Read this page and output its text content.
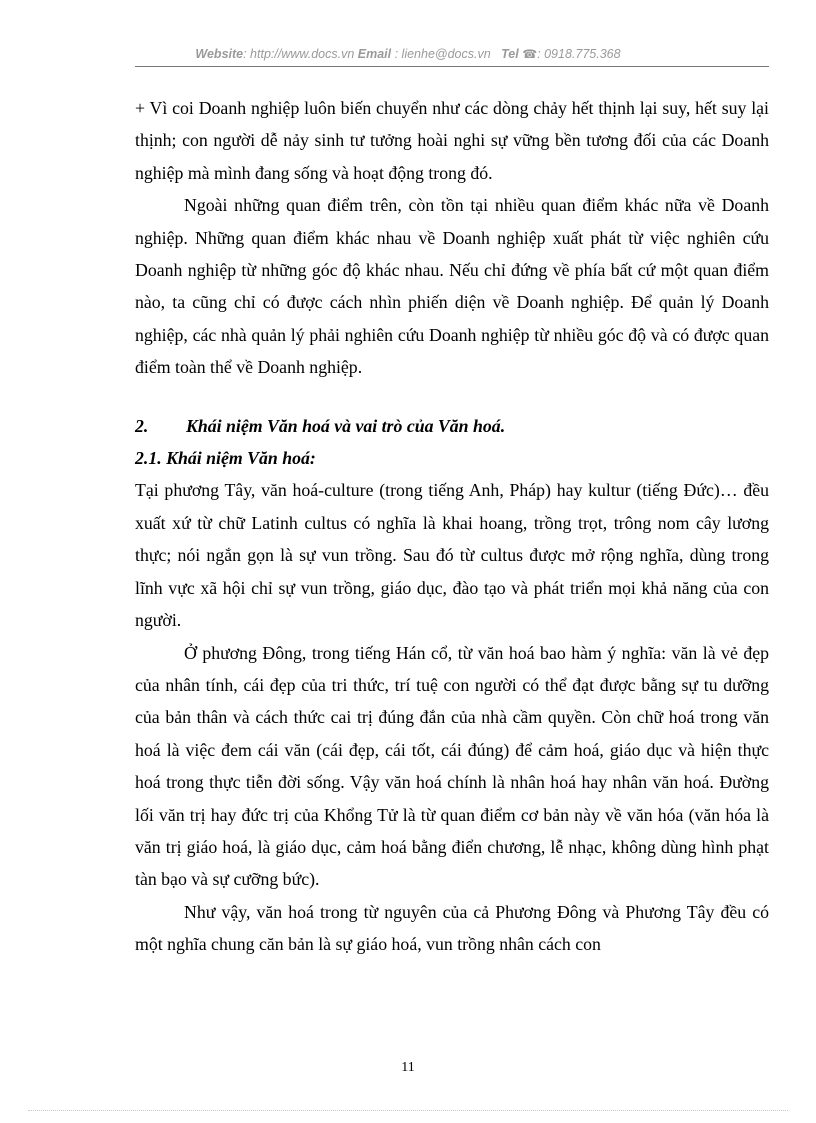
Website: http://www.docs.vn Email : lienhe@docs.vn Tel ☎: 0918.775.368

+ Vì coi Doanh nghiệp luôn biến chuyển như các dòng chảy hết thịnh lại suy, hết suy lại thịnh; con người dễ nảy sinh tư tưởng hoài nghi sự vững bền tương đối của các Doanh nghiệp mà mình đang sống và hoạt động trong đó.

Ngoài những quan điểm trên, còn tồn tại nhiều quan điểm khác nữa về Doanh nghiệp. Những quan điểm khác nhau về Doanh nghiệp xuất phát từ việc nghiên cứu Doanh nghiệp từ những góc độ khác nhau. Nếu chỉ đứng về phía bất cứ một quan điểm nào, ta cũng chỉ có được cách nhìn phiến diện về Doanh nghiệp. Để quản lý Doanh nghiệp, các nhà quản lý phải nghiên cứu Doanh nghiệp từ nhiều góc độ và có được quan điểm toàn thể về Doanh nghiệp.

2. Khái niệm Văn hoá và vai trò của Văn hoá.

2.1. Khái niệm Văn hoá:

Tại phương Tây, văn hoá-culture (trong tiếng Anh, Pháp) hay kultur (tiếng Đức)… đều xuất xứ từ chữ Latinh cultus có nghĩa là khai hoang, trồng trọt, trông nom cây lương thực; nói ngắn gọn là sự vun trồng. Sau đó từ cultus được mở rộng nghĩa, dùng trong lĩnh vực xã hội chỉ sự vun trồng, giáo dục, đào tạo và phát triển mọi khả năng của con người.

Ở phương Đông, trong tiếng Hán cổ, từ văn hoá bao hàm ý nghĩa: văn là vẻ đẹp của nhân tính, cái đẹp của tri thức, trí tuệ con người có thể đạt được bằng sự tu dưỡng của bản thân và cách thức cai trị đúng đắn của nhà cầm quyền. Còn chữ hoá trong văn hoá là việc đem cái văn (cái đẹp, cái tốt, cái đúng) để cảm hoá, giáo dục và hiện thực hoá trong thực tiễn đời sống. Vậy văn hoá chính là nhân hoá hay nhân văn hoá. Đường lối văn trị hay đức trị của Khổng Tử là từ quan điểm cơ bản này về văn hóa (văn hóa là văn trị giáo hoá, là giáo dục, cảm hoá bằng điển chương, lễ nhạc, không dùng hình phạt tàn bạo và sự cưỡng bức).

Như vậy, văn hoá trong từ nguyên của cả Phương Đông và Phương Tây đều có một nghĩa chung căn bản là sự giáo hoá, vun trồng nhân cách con

11
